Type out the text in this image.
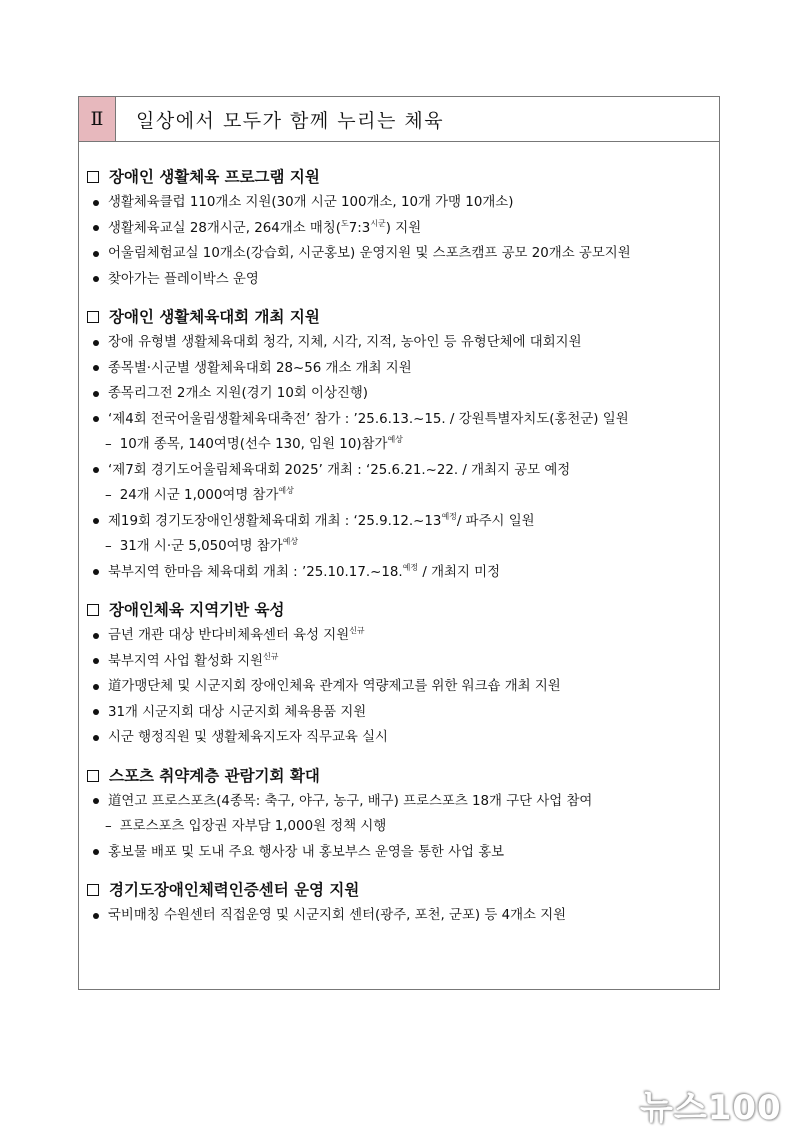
Ⅱ	일상에서 모두가 함께 누리는 체육
장애인 생활체육 프로그램 지원
생활체육클럽 110개소 지원(30개 시군 100개소, 10개 가맹 10개소)
생활체육교실 28개시군, 264개소 매칭$(^도7:3^{시군})$ 지원
어울림체험교실 10개소(강습회, 시군홍보) 운영지원 및 스포츠캠프 공모 20개소 공모지원
찾아가는 플레이박스 운영
장애인 생활체육대회 개최 지원
장애 유형별 생활체육대회 청각, 지체, 시각, 지적, 농아인 등 유형단체에 대회지원
종목별·시군별 생활체육대회 28~56 개소 개최 지원
종목리그전 2개소 지원(경기 10회 이상진행)
‘제4회 전국어울림생활체육대축전’ 참가 : ’25.6.13.~15. / 강원특별자치도(홍천군) 일원
– 10개 종목, 140여명(선수 130, 임원 10)참가$^{예상}$
‘제7회 경기도어울림체육대회 2025’ 개최 : ‘25.6.21.~22. / 개최지 공모 예정
– 24개 시군 1,000여명 참가$^{예상}$
제19회 경기도장애인생활체육대회 개최 : ‘$25.9.12.\sim 13^{예정}/$ 파주시 일원
– 31개 시·군 5,050여명 참가$^{예상}$
북부지역 한마음 체육대회 개최 : ’25.10.17.~18.$^{예정}$ / 개최지 미정
장애인체육 지역기반 육성
금년 개관 대상 반다비체육센터 육성 지원$^{신규}$
북부지역 사업 활성화 지원$^{신규}$
道가맹단체 및 시군지회 장애인체육 관계자 역량제고를 위한 워크숍 개최 지원
31개 시군지회 대상 시군지회 체육용품 지원
시군 행정직원 및 생활체육지도자 직무교육 실시
스포츠 취약계층 관람기회 확대
道연고 프로스포츠(4종목: 축구, 야구, 농구, 배구) 프로스포츠 18개 구단 사업 참여
– 프로스포츠 입장권 자부담 1,000원 정책 시행
홍보물 배포 및 도내 주요 행사장 내 홍보부스 운영을 통한 사업 홍보
경기도장애인체력인증센터 운영 지원
국비매칭 수원센터 직접운영 및 시군지회 센터(광주, 포천, 군포) 등 4개소 지원
뉴스100
